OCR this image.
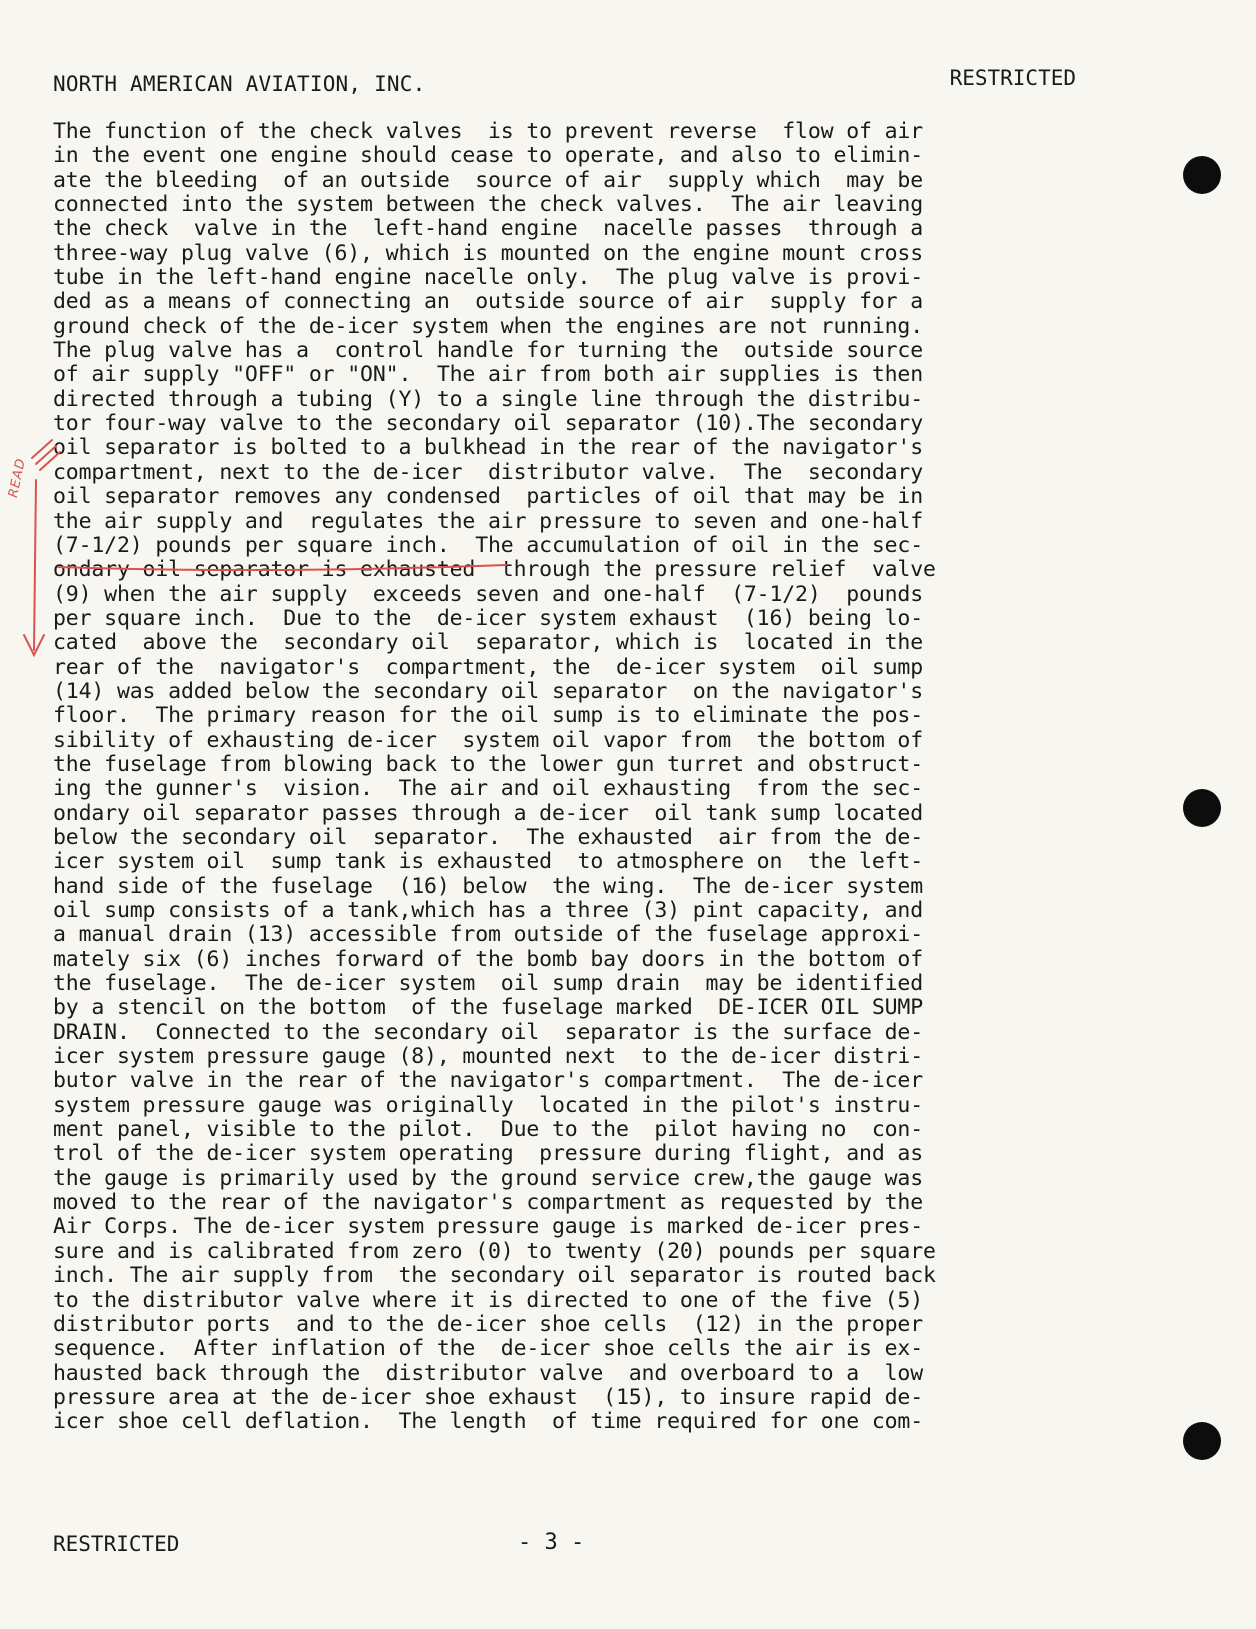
NORTH AMERICAN AVIATION, INC.	RESTRICTED
The function of the check valves  is to prevent reverse  flow of air
in the event one engine should cease to operate, and also to elimin-
ate the bleeding  of an outside  source of air  supply which  may be
connected into the system between the check valves.  The air leaving
the check  valve in the  left-hand engine  nacelle passes  through a
three-way plug valve (6), which is mounted on the engine mount cross
tube in the left-hand engine nacelle only.  The plug valve is provi-
ded as a means of connecting an  outside source of air  supply for a
ground check of the de-icer system when the engines are not running.
The plug valve has a  control handle for turning the  outside source
of air supply "OFF" or "ON".  The air from both air supplies is then
directed through a tubing (Y) to a single line through the distribu-
tor four-way valve to the secondary oil separator (10).The secondary
oil separator is bolted to a bulkhead in the rear of the navigator's
compartment, next to the de-icer  distributor valve.  The  secondary
oil separator removes any condensed  particles of oil that may be in
the air supply and  regulates the air pressure to seven and one-half
(7-1/2) pounds per square inch.  The accumulation of oil in the sec-
ondary oil separator is exhausted  through the pressure relief  valve
(9) when the air supply  exceeds seven and one-half  (7-1/2)  pounds
per square inch.  Due to the  de-icer system exhaust  (16) being lo-
cated  above the  secondary oil  separator, which is  located in the
rear of the  navigator's  compartment, the  de-icer system  oil sump
(14) was added below the secondary oil separator  on the navigator's
floor.  The primary reason for the oil sump is to eliminate the pos-
sibility of exhausting de-icer  system oil vapor from  the bottom of
the fuselage from blowing back to the lower gun turret and obstruct-
ing the gunner's  vision.  The air and oil exhausting  from the sec-
ondary oil separator passes through a de-icer  oil tank sump located
below the secondary oil  separator.  The exhausted  air from the de-
icer system oil  sump tank is exhausted  to atmosphere on  the left-
hand side of the fuselage  (16) below  the wing.  The de-icer system
oil sump consists of a tank,which has a three (3) pint capacity, and
a manual drain (13) accessible from outside of the fuselage approxi-
mately six (6) inches forward of the bomb bay doors in the bottom of
the fuselage.  The de-icer system  oil sump drain  may be identified
by a stencil on the bottom  of the fuselage marked  DE-ICER OIL SUMP
DRAIN.  Connected to the secondary oil  separator is the surface de-
icer system pressure gauge (8), mounted next  to the de-icer distri-
butor valve in the rear of the navigator's compartment.  The de-icer
system pressure gauge was originally  located in the pilot's instru-
ment panel, visible to the pilot.  Due to the  pilot having no  con-
trol of the de-icer system operating  pressure during flight, and as
the gauge is primarily used by the ground service crew,the gauge was
moved to the rear of the navigator's compartment as requested by the
Air Corps. The de-icer system pressure gauge is marked de-icer pres-
sure and is calibrated from zero (0) to twenty (20) pounds per square
inch. The air supply from  the secondary oil separator is routed back
to the distributor valve where it is directed to one of the five (5)
distributor ports  and to the de-icer shoe cells  (12) in the proper
sequence.  After inflation of the  de-icer shoe cells the air is ex-
hausted back through the  distributor valve  and overboard to a  low
pressure area at the de-icer shoe exhaust  (15), to insure rapid de-
icer shoe cell deflation.  The length  of time required for one com-
RESTRICTED	- 3 -
READ
